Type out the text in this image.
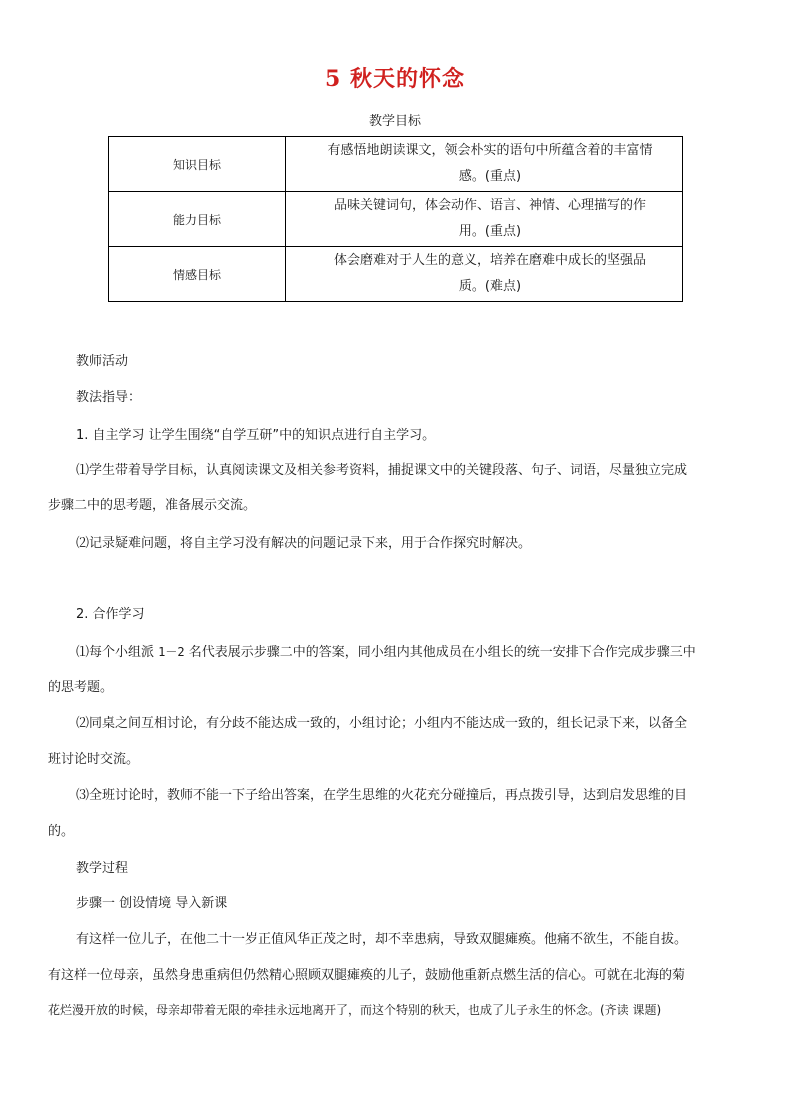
5 秋天的怀念
教学目标
知识目标	有感悟地朗读课文，领会朴实的语句中所蕴含着的丰富情
感。(重点)

能力目标	品味关键词句，体会动作、语言、神情、心理描写的作
用。(重点)

情感目标	体会磨难对于人生的意义，培养在磨难中成长的坚强品
质。(难点)
教师活动
教法指导：
1. 自主学习 让学生围绕“自学互研”中的知识点进行自主学习。
⑴学生带着导学目标，认真阅读课文及相关参考资料，捕捉课文中的关键段落、句子、词语，尽量独立完成
步骤二中的思考题，准备展示交流。
⑵记录疑难问题，将自主学习没有解决的问题记录下来，用于合作探究时解决。
2. 合作学习
⑴每个小组派 1－2 名代表展示步骤二中的答案，同小组内其他成员在小组长的统一安排下合作完成步骤三中
的思考题。
⑵同桌之间互相讨论，有分歧不能达成一致的，小组讨论；小组内不能达成一致的，组长记录下来，以备全
班讨论时交流。
⑶全班讨论时，教师不能一下子给出答案，在学生思维的火花充分碰撞后，再点拨引导，达到启发思维的目
的。
教学过程
步骤一 创设情境 导入新课
有这样一位儿子，在他二十一岁正值风华正茂之时，却不幸患病，导致双腿瘫痪。他痛不欲生，不能自拔。
有这样一位母亲，虽然身患重病但仍然精心照顾双腿瘫痪的儿子，鼓励他重新点燃生活的信心。可就在北海的菊
花烂漫开放的时候，母亲却带着无限的牵挂永远地离开了，而这个特别的秋天，也成了儿子永生的怀念。(齐读 课题)
